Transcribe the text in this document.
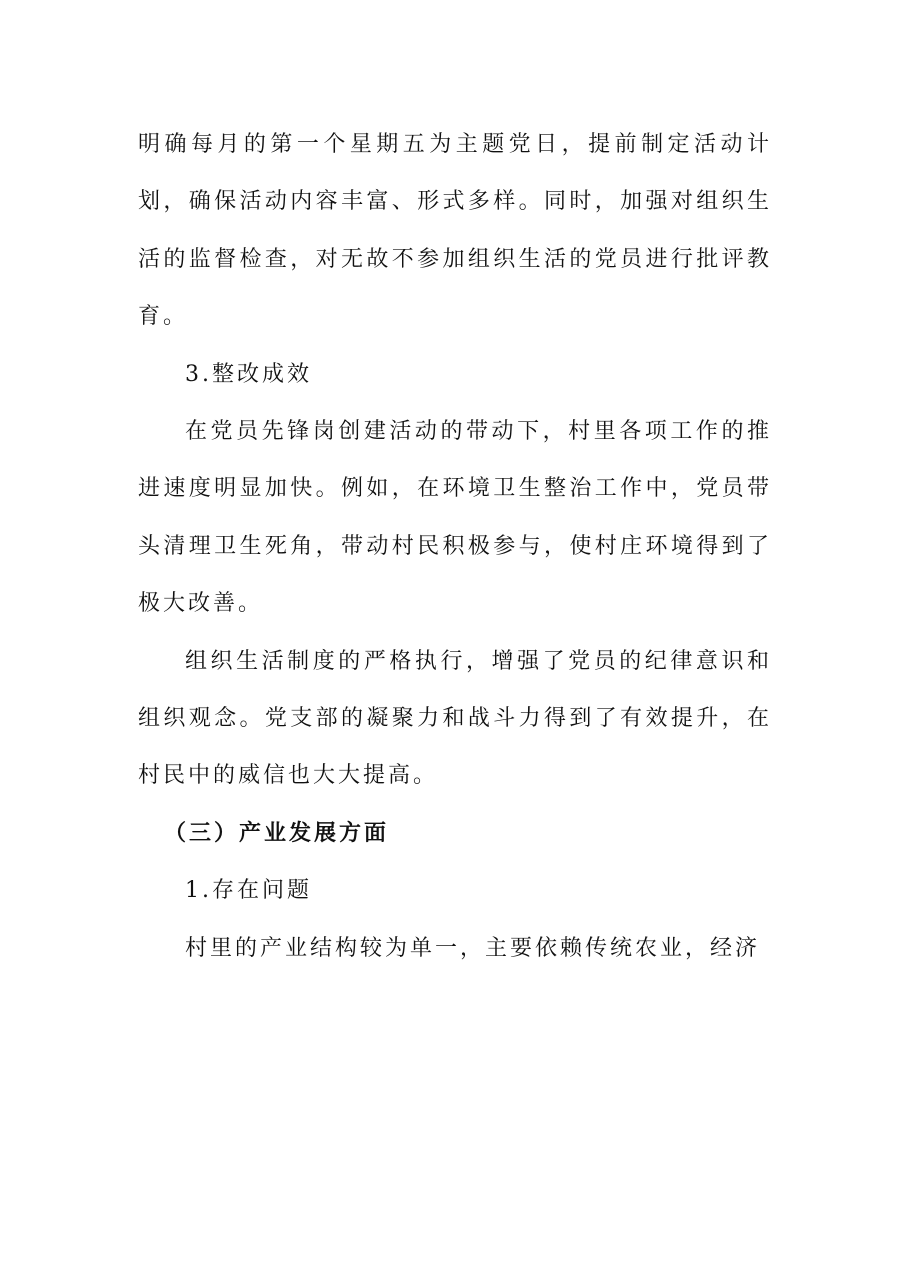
明确每月的第一个星期五为主题党日，提前制定活动计划，确保活动内容丰富、形式多样。同时，加强对组织生活的监督检查，对无故不参加组织生活的党员进行批评教育。

3.整改成效

在党员先锋岗创建活动的带动下，村里各项工作的推进速度明显加快。例如，在环境卫生整治工作中，党员带头清理卫生死角，带动村民积极参与，使村庄环境得到了极大改善。

组织生活制度的严格执行，增强了党员的纪律意识和组织观念。党支部的凝聚力和战斗力得到了有效提升，在村民中的威信也大大提高。

（三）产业发展方面

1.存在问题

村里的产业结构较为单一，主要依赖传统农业，经济
